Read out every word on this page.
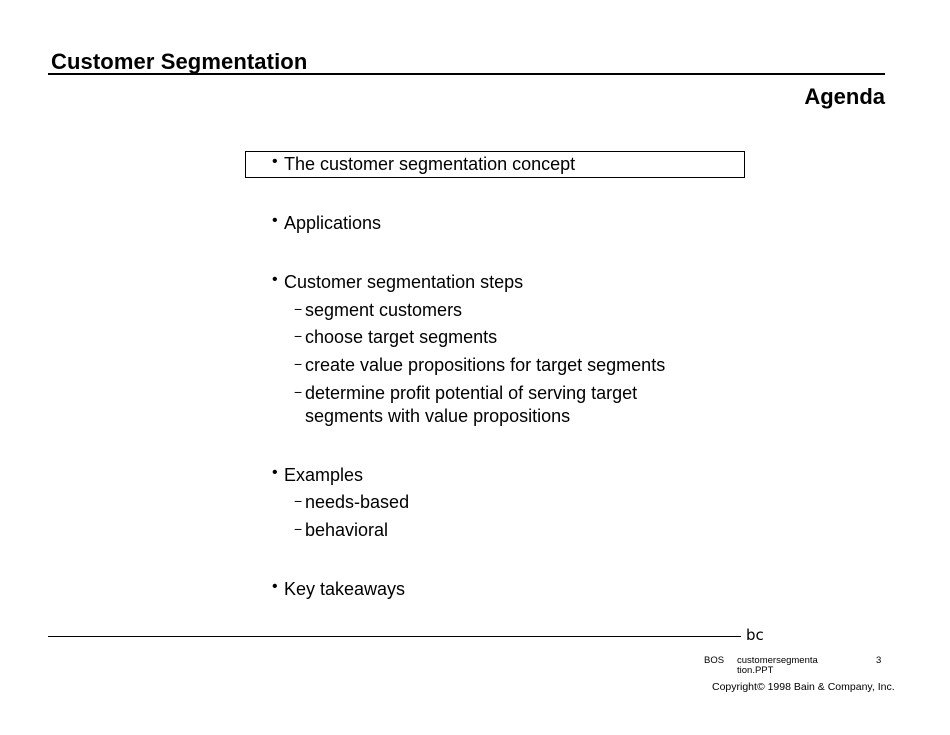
Customer Segmentation
Agenda
• The customer segmentation concept
• Applications
• Customer segmentation steps
− segment customers
− choose target segments
− create value propositions for target segments
− determine profit potential of serving target
segments with value propositions
• Examples
− needs-based
− behavioral
• Key takeaways
bc
BOS customersegmenta
tion.PPT
3
Copyright© 1998 Bain & Company, Inc.
